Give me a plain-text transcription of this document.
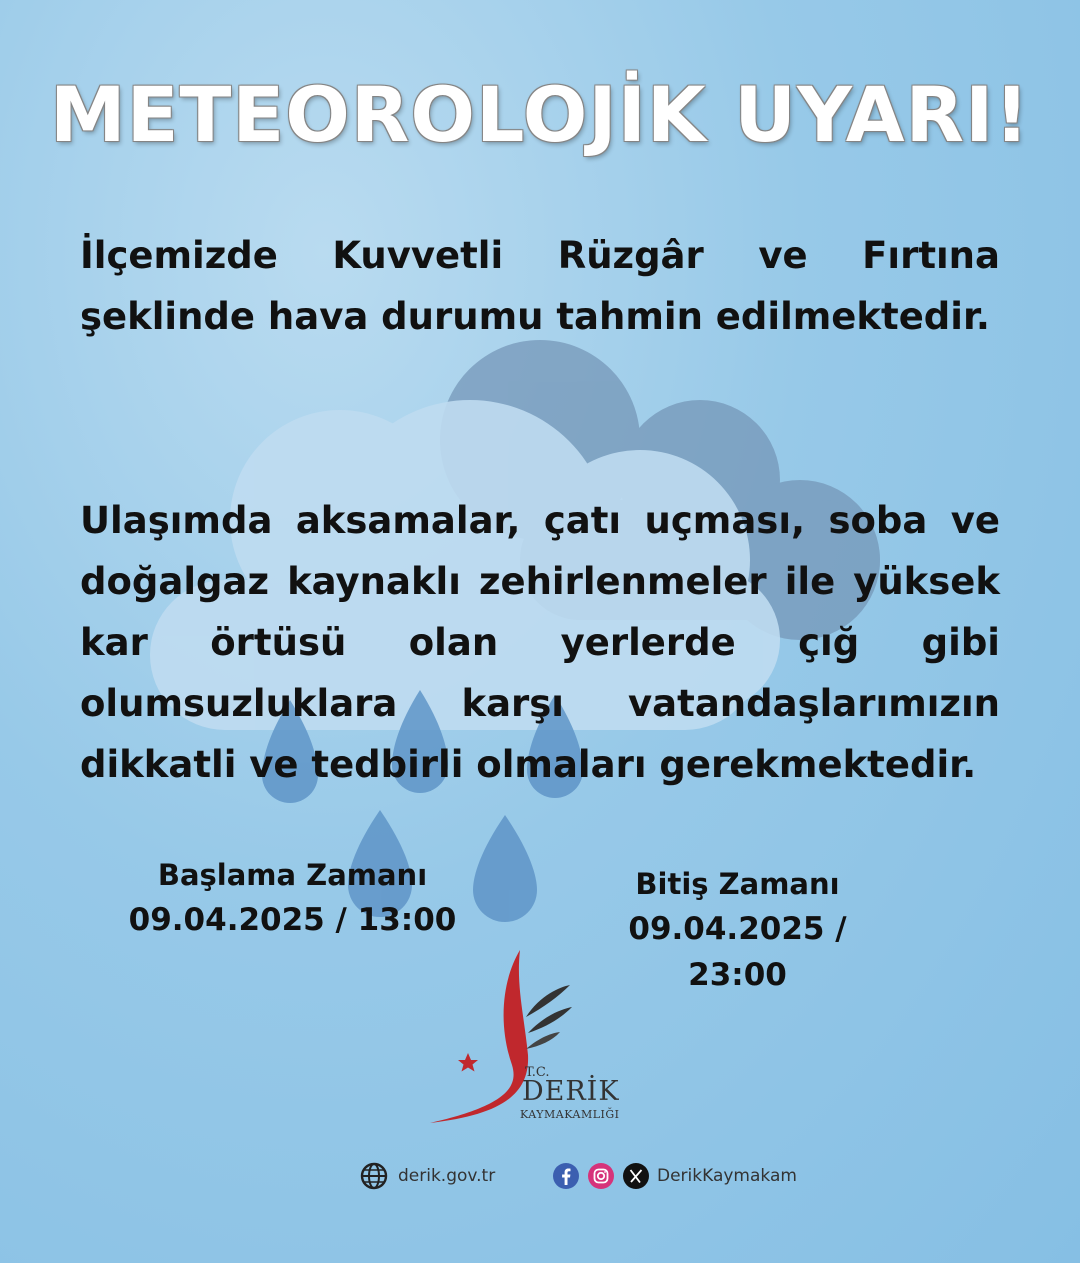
METEOROLOJİK UYARI!
İlçemizde Kuvvetli Rüzgâr ve Fırtına şeklinde hava durumu tahmin edilmektedir.
Ulaşımda aksamalar, çatı uçması, soba ve doğalgaz kaynaklı zehirlenmeler ile yüksek kar örtüsü olan yerlerde çığ gibi olumsuzluklara karşı vatandaşlarımızın dikkatli ve tedbirli olmaları gerekmektedir.
Başlama Zamanı
09.04.2025 / 13:00
Bitiş Zamanı
09.04.2025 / 23:00
T.C.
DERİK
KAYMAKAMLIĞI
derik.gov.tr	DerikKaymakam
